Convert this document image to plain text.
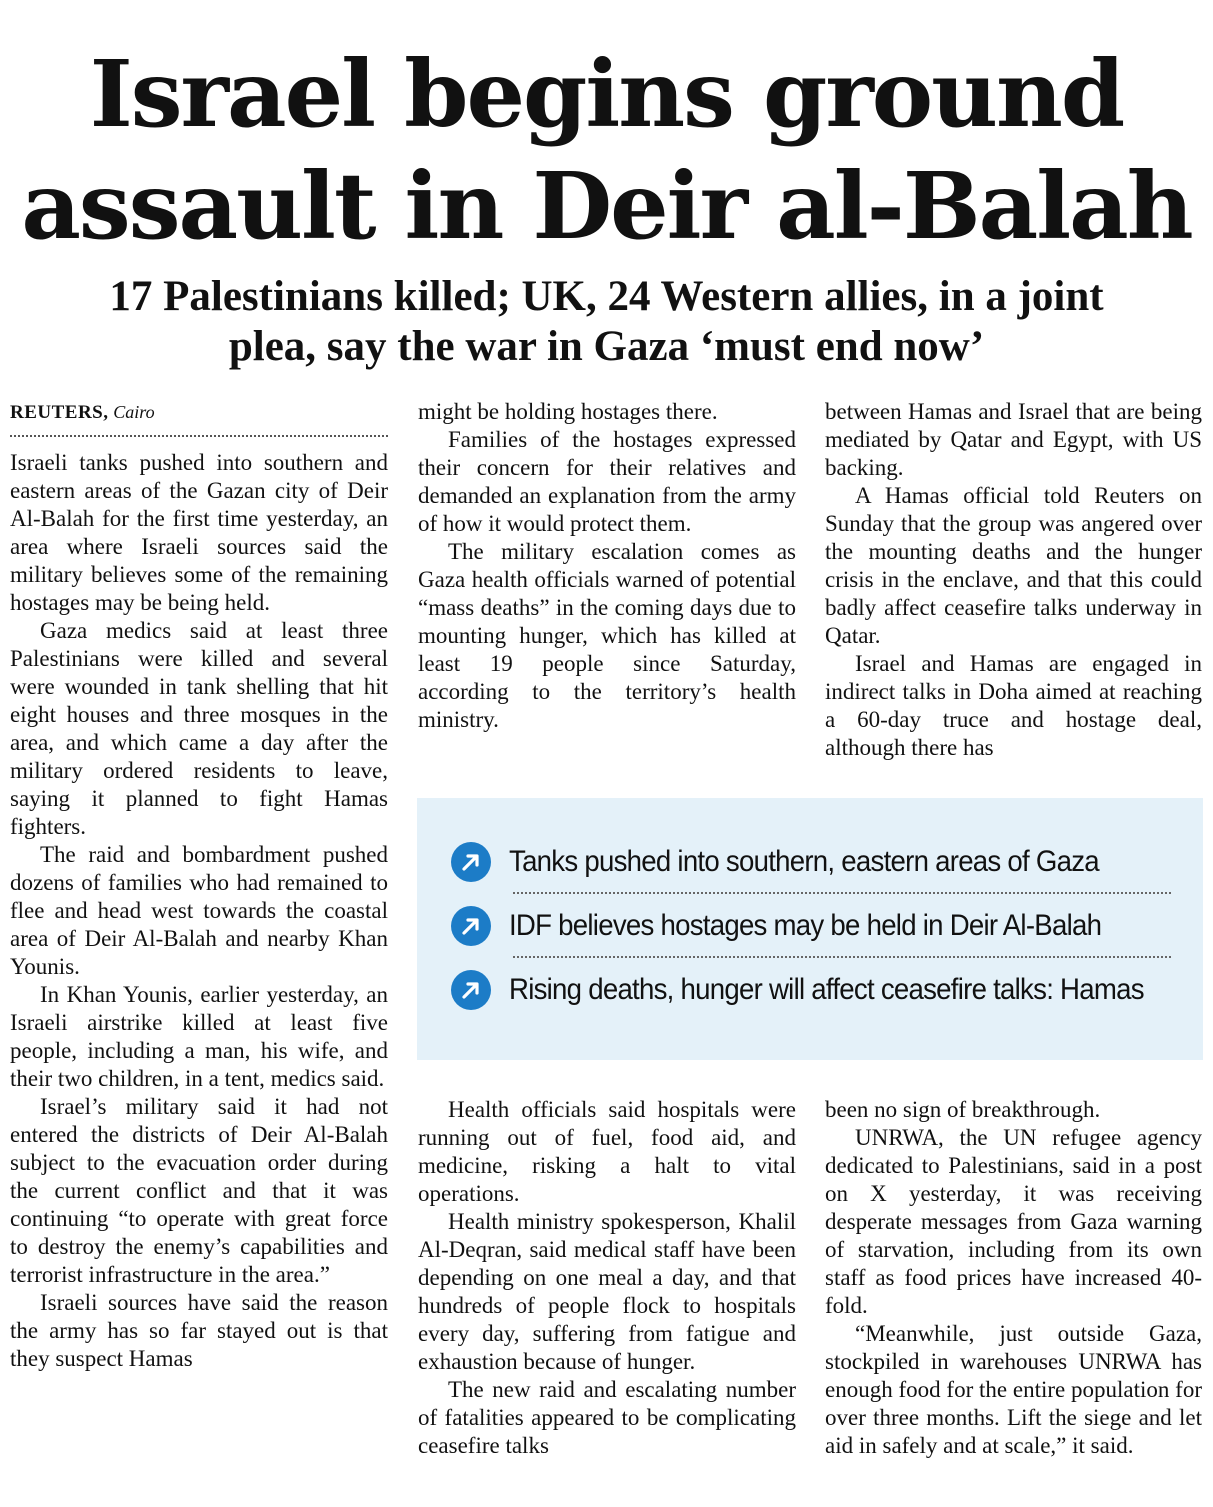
Israel begins ground
assault in Deir al-Balah
17 Palestinians killed; UK, 24 Western allies, in a joint
plea, say the war in Gaza ‘must end now’
REUTERS, Cairo

Israeli tanks pushed into southern and eastern areas of the Gazan city of Deir Al-Balah for the first time yesterday, an area where Israeli sources said the military believes some of the remaining hostages may be being held.

Gaza medics said at least three Palestinians were killed and several were wounded in tank shelling that hit eight houses and three mosques in the area, and which came a day after the military ordered residents to leave, saying it planned to fight Hamas fighters.

The raid and bombardment pushed dozens of families who had remained to flee and head west towards the coastal area of Deir Al-Balah and nearby Khan Younis.

In Khan Younis, earlier yesterday, an Israeli airstrike killed at least five people, including a man, his wife, and their two children, in a tent, medics said.

Israel’s military said it had not entered the districts of Deir Al-Balah subject to the evacuation order during the current conflict and that it was continuing “to operate with great force to destroy the enemy’s capabilities and terrorist infrastructure in the area.”

Israeli sources have said the reason the army has so far stayed out is that they suspect Hamas

might be holding hostages there.

Families of the hostages expressed their concern for their relatives and demanded an explanation from the army of how it would protect them.

The military escalation comes as Gaza health officials warned of potential “mass deaths” in the coming days due to mounting hunger, which has killed at least 19 people since Saturday, according to the territory’s health ministry.

between Hamas and Israel that are being mediated by Qatar and Egypt, with US backing.

A Hamas official told Reuters on Sunday that the group was angered over the mounting deaths and the hunger crisis in the enclave, and that this could badly affect ceasefire talks underway in Qatar.

Israel and Hamas are engaged in indirect talks in Doha aimed at reaching a 60-day truce and hostage deal, although there has

Tanks pushed into southern, eastern areas of Gaza
IDF believes hostages may be held in Deir Al-Balah
Rising deaths, hunger will affect ceasefire talks: Hamas

Health officials said hospitals were running out of fuel, food aid, and medicine, risking a halt to vital operations.

Health ministry spokesperson, Khalil Al-Deqran, said medical staff have been depending on one meal a day, and that hundreds of people flock to hospitals every day, suffering from fatigue and exhaustion because of hunger.

The new raid and escalating number of fatalities appeared to be complicating ceasefire talks

been no sign of breakthrough.

UNRWA, the UN refugee agency dedicated to Palestinians, said in a post on X yesterday, it was receiving desperate messages from Gaza warning of starvation, including from its own staff as food prices have increased 40-fold.

“Meanwhile, just outside Gaza, stockpiled in warehouses UNRWA has enough food for the entire population for over three months. Lift the siege and let aid in safely and at scale,” it said.
